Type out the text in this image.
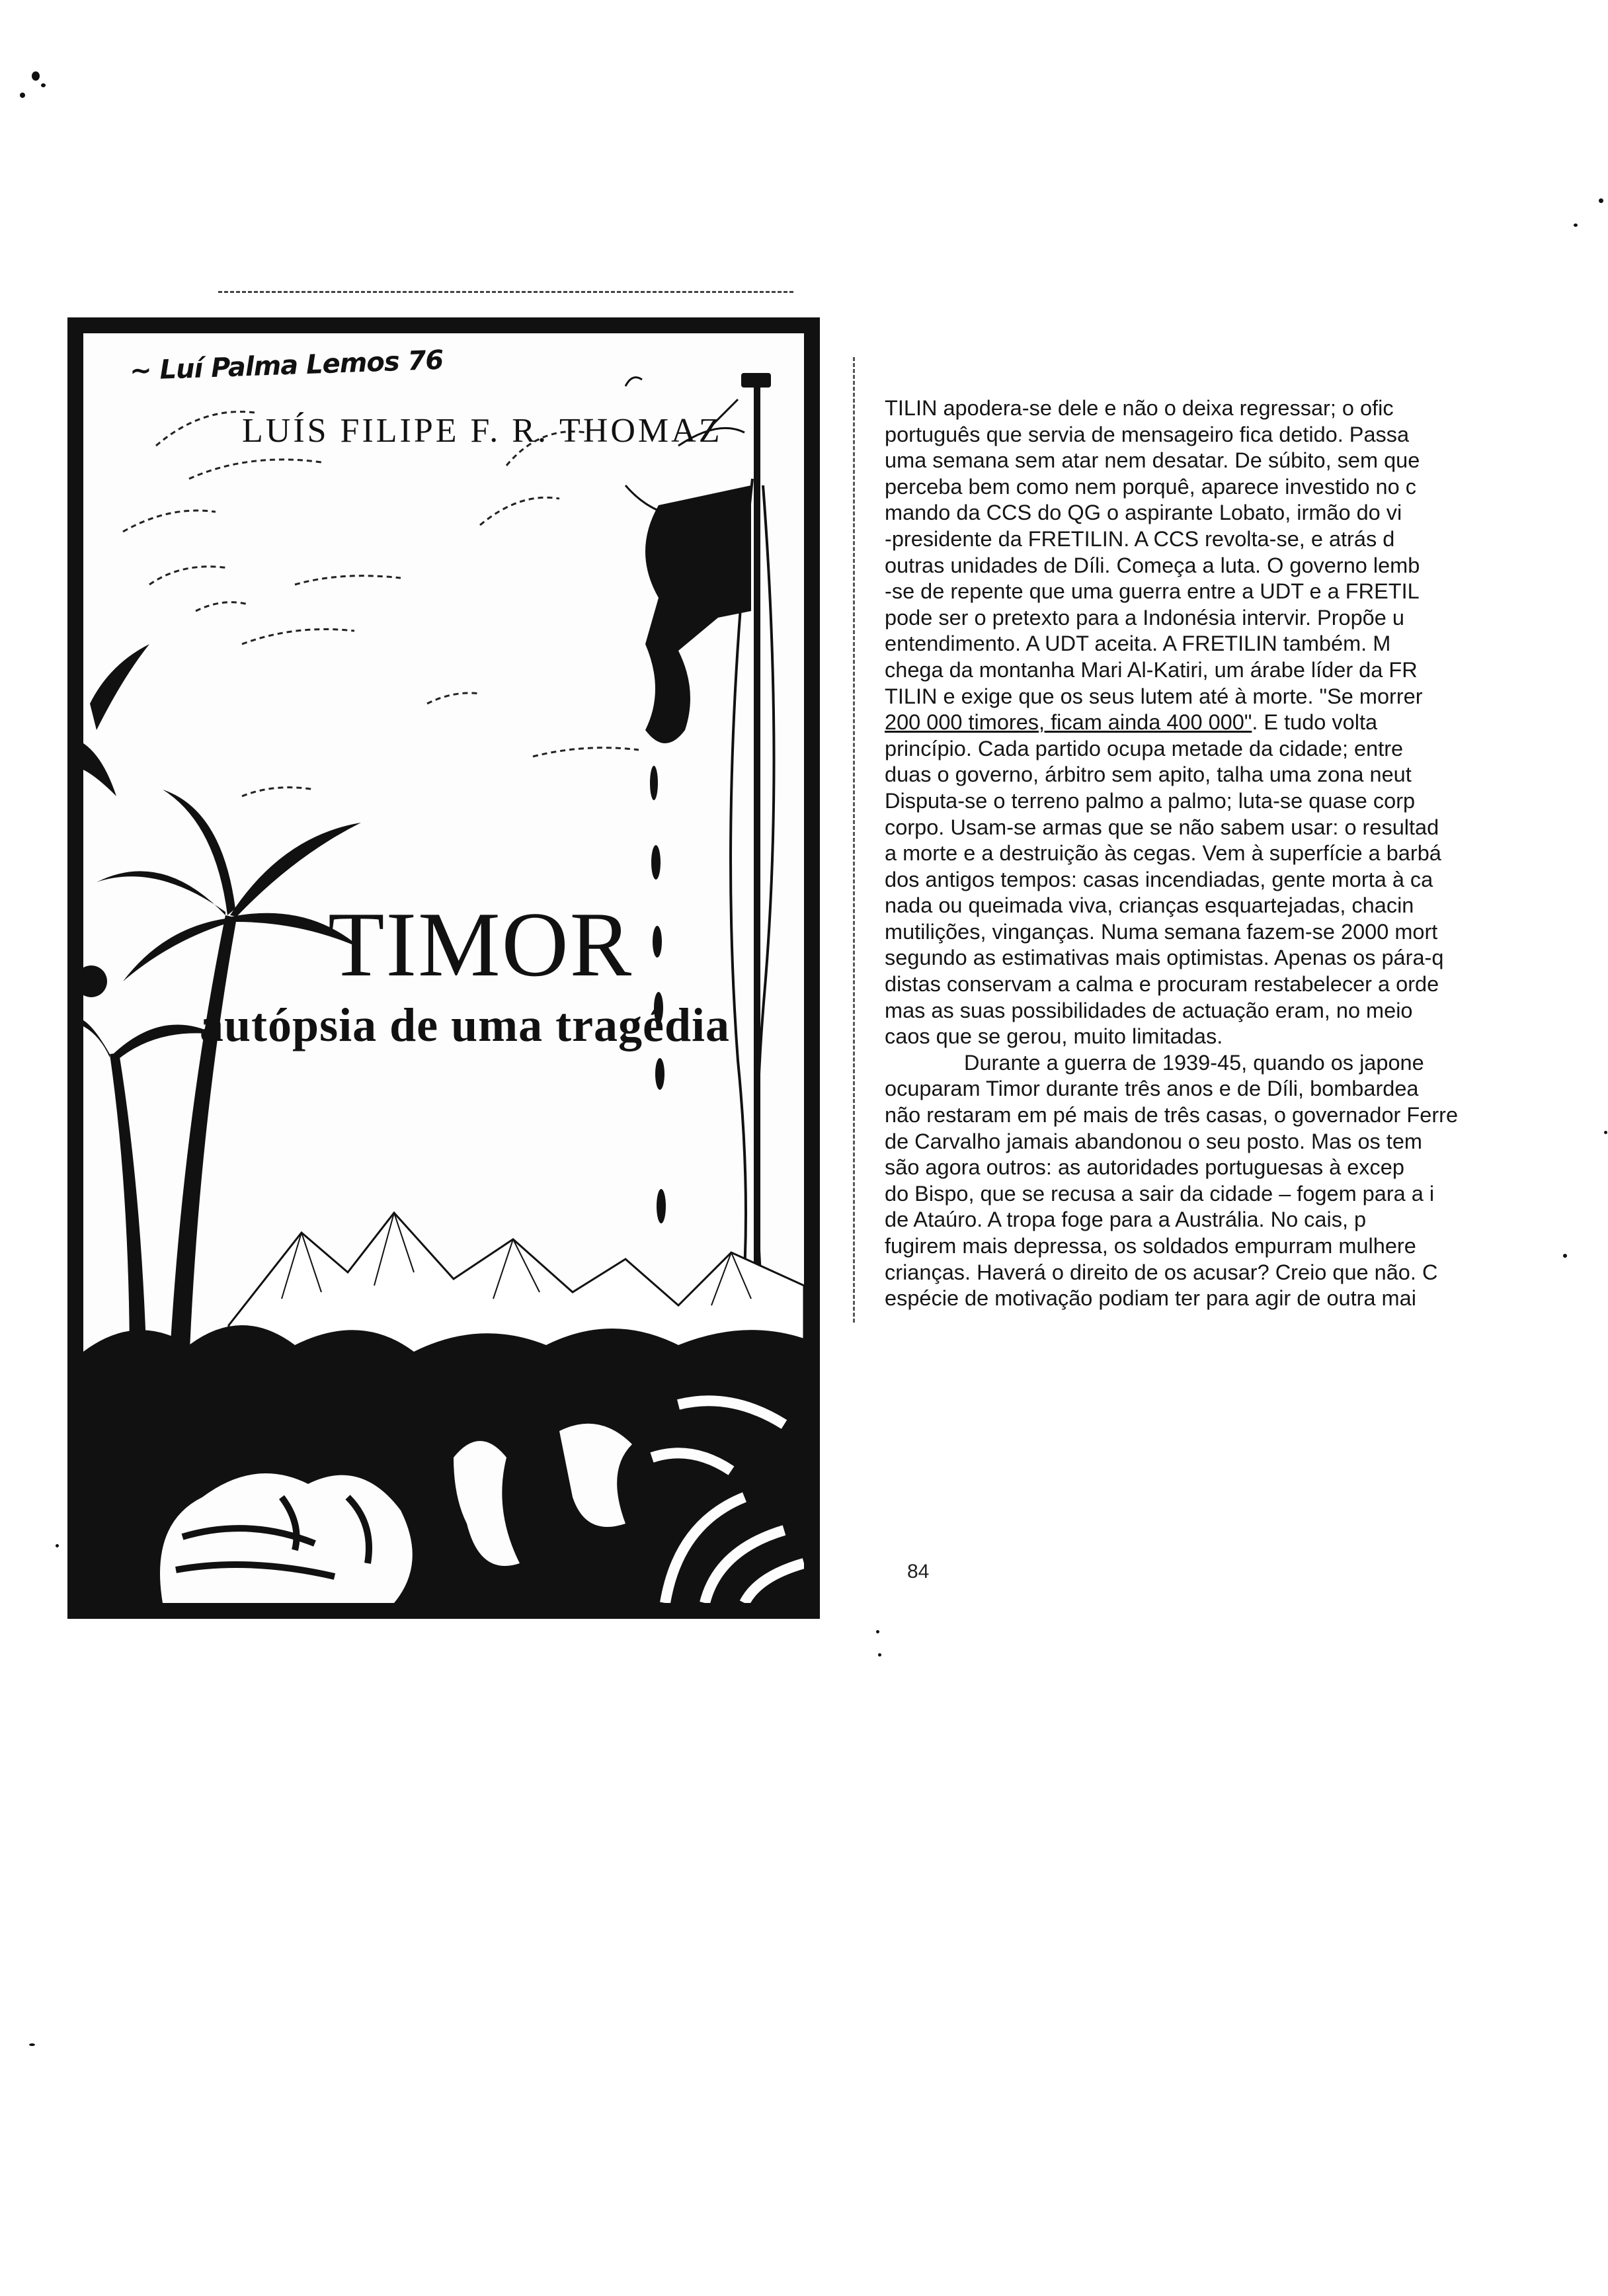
~ Luí Palma Lemos 76
LUÍS FILIPE F. R. THOMAZ
TIMOR
autópsia de uma tragédia
TILIN apodera-se dele e não o deixa regressar; o ofic
português que servia de mensageiro fica detido. Passa
uma semana sem atar nem desatar. De súbito, sem que
perceba bem como nem porquê, aparece investido no c
mando da CCS do QG o aspirante Lobato, irmão do vi
-presidente da FRETILIN. A CCS revolta-se, e atrás d
outras unidades de Díli. Começa a luta. O governo lemb
-se de repente que uma guerra entre a UDT e a FRETIL
pode ser o pretexto para a Indonésia intervir. Propõe u
entendimento. A UDT aceita. A FRETILIN também. M
chega da montanha Mari Al-Katiri, um árabe líder da FR
TILIN e exige que os seus lutem até à morte. "Se morrer
200 000 timores, ficam ainda 400 000". E tudo volta
princípio. Cada partido ocupa metade da cidade; entre
duas o governo, árbitro sem apito, talha uma zona neut
Disputa-se o terreno palmo a palmo; luta-se quase corp
corpo. Usam-se armas que se não sabem usar: o resultad
a morte e a destruição às cegas. Vem à superfície a barbá
dos antigos tempos: casas incendiadas, gente morta à ca
nada ou queimada viva, crianças esquartejadas, chacin
mutilições, vinganças. Numa semana fazem-se 2000 mort
segundo as estimativas mais optimistas. Apenas os pára-q
distas conservam a calma e procuram restabelecer a orde
mas as suas possibilidades de actuação eram, no meio
caos que se gerou, muito limitadas.
Durante a guerra de 1939-45, quando os japone
ocuparam Timor durante três anos e de Díli, bombardea
não restaram em pé mais de três casas, o governador Ferre
de Carvalho jamais abandonou o seu posto. Mas os tem
são agora outros: as autoridades portuguesas à excep
do Bispo, que se recusa a sair da cidade – fogem para a i
de Ataúro. A tropa foge para a Austrália. No cais, p
fugirem mais depressa, os soldados empurram mulhere
crianças. Haverá o direito de os acusar? Creio que não. C
espécie de motivação podiam ter para agir de outra mai
84
